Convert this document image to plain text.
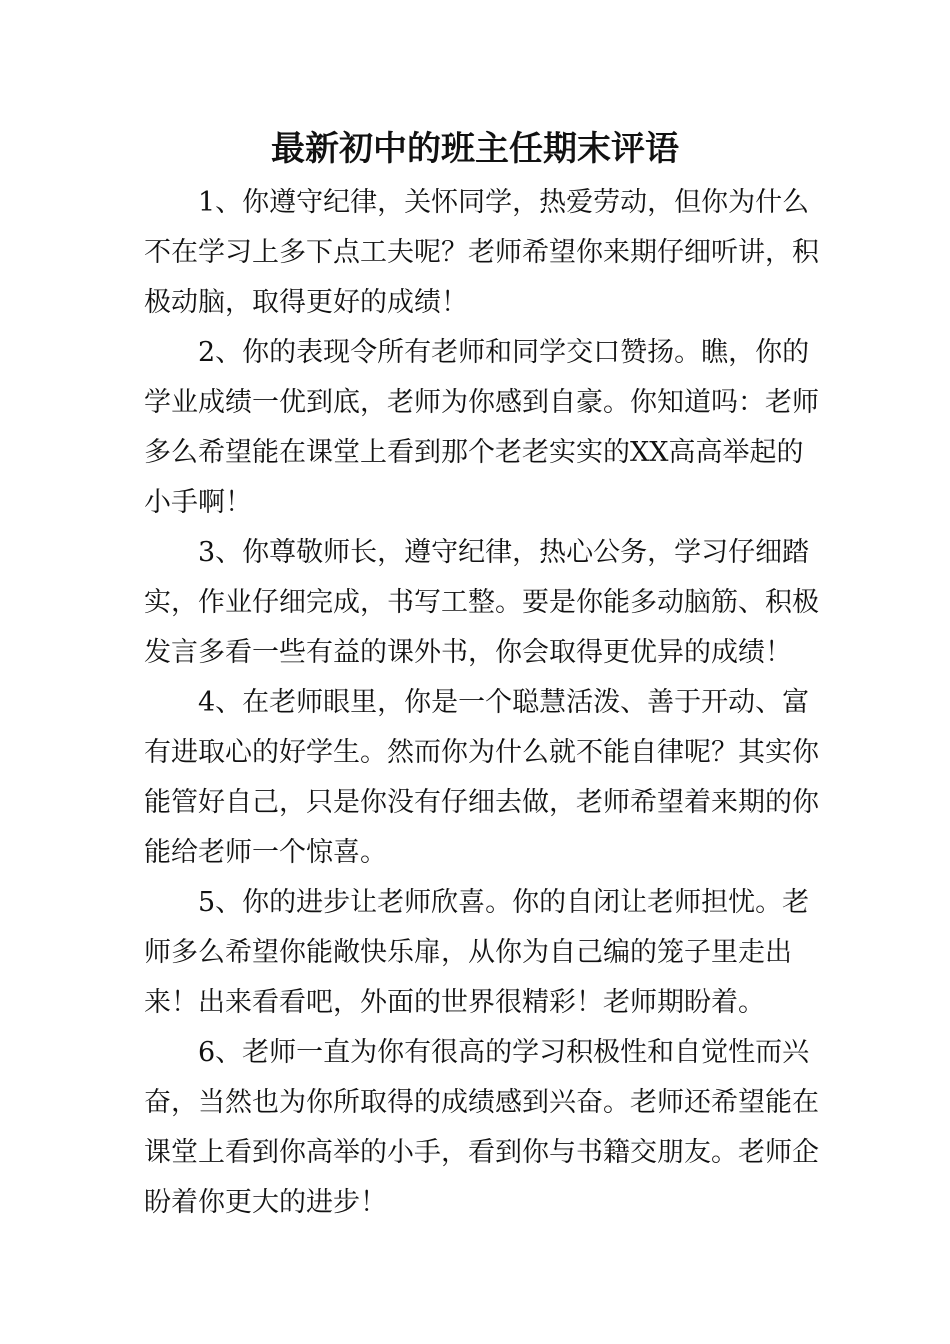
最新初中的班主任期末评语

1、你遵守纪律，关怀同学，热爱劳动，但你为什么不在学习上多下点工夫呢？老师希望你来期仔细听讲，积极动脑，取得更好的成绩！

2、你的表现令所有老师和同学交口赞扬。瞧，你的学业成绩一优到底，老师为你感到自豪。你知道吗：老师多么希望能在课堂上看到那个老老实实的XX高高举起的小手啊！

3、你尊敬师长，遵守纪律，热心公务，学习仔细踏实，作业仔细完成，书写工整。要是你能多动脑筋、积极发言多看一些有益的课外书，你会取得更优异的成绩！

4、在老师眼里，你是一个聪慧活泼、善于开动、富有进取心的好学生。然而你为什么就不能自律呢？其实你能管好自己，只是你没有仔细去做，老师希望着来期的你能给老师一个惊喜。

5、你的进步让老师欣喜。你的自闭让老师担忧。老师多么希望你能敞快乐扉，从你为自己编的笼子里走出来！出来看看吧，外面的世界很精彩！老师期盼着。

6、老师一直为你有很高的学习积极性和自觉性而兴奋，当然也为你所取得的成绩感到兴奋。老师还希望能在课堂上看到你高举的小手，看到你与书籍交朋友。老师企盼着你更大的进步！
